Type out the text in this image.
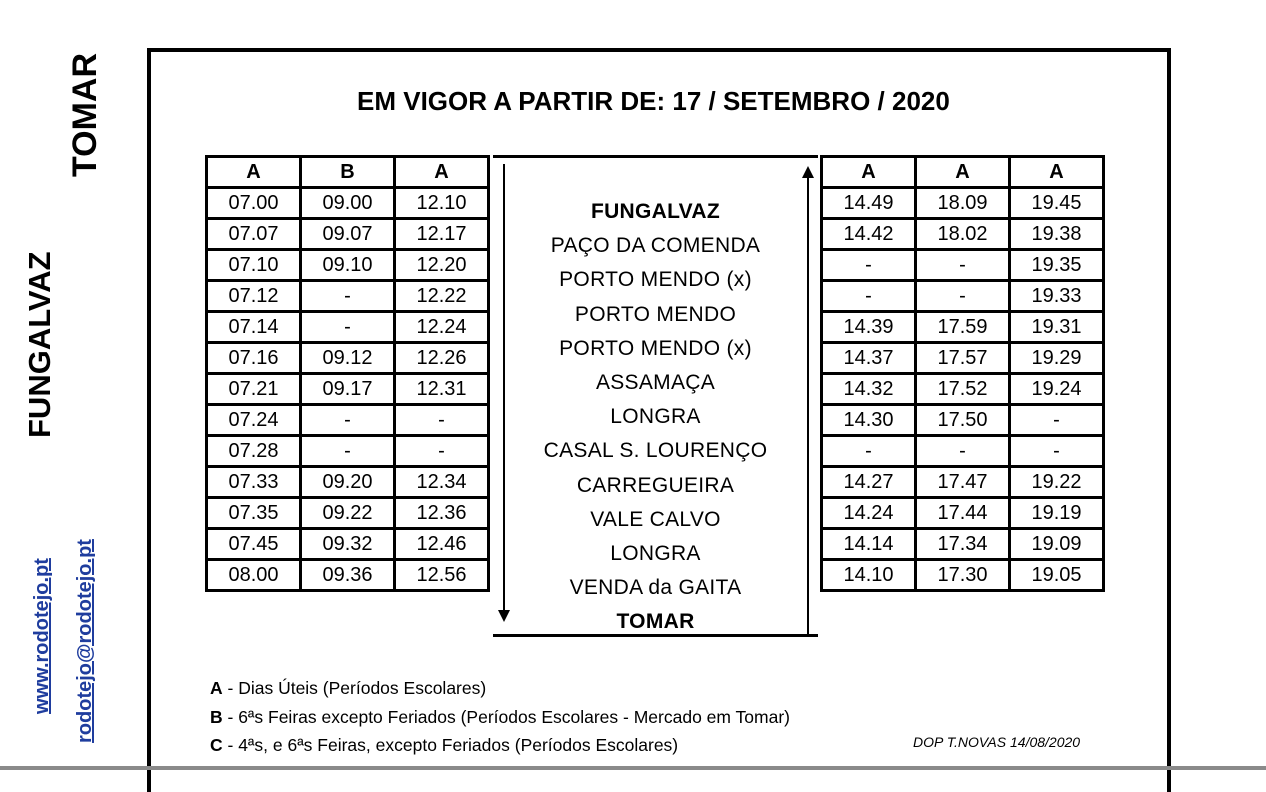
TOMAR
FUNGALVAZ
www.rodotejo.pt rodotejo@rodotejo.pt
EM VIGOR A PARTIR DE: 17 / SETEMBRO / 2020
A	B	A
07.00	09.00	12.10
07.07	09.07	12.17
07.10	09.10	12.20
07.12	-	12.22
07.14	-	12.24
07.16	09.12	12.26
07.21	09.17	12.31
07.24	-	-
07.28	-	-
07.33	09.20	12.34
07.35	09.22	12.36
07.45	09.32	12.46
08.00	09.36	12.56
FUNGALVAZ
PAÇO DA COMENDA
PORTO MENDO (x)
PORTO MENDO
PORTO MENDO (x)
ASSAMAÇA
LONGRA
CASAL S. LOURENÇO
CARREGUEIRA
VALE CALVO
LONGRA
VENDA da GAITA
TOMAR
A	A	A
14.49	18.09	19.45
14.42	18.02	19.38
-	-	19.35
-	-	19.33
14.39	17.59	19.31
14.37	17.57	19.29
14.32	17.52	19.24
14.30	17.50	-
-	-	-
14.27	17.47	19.22
14.24	17.44	19.19
14.14	17.34	19.09
14.10	17.30	19.05
A - Dias Úteis (Períodos Escolares)
B - 6ªs Feiras excepto Feriados (Períodos Escolares - Mercado em Tomar)
C - 4ªs, e 6ªs Feiras, excepto Feriados (Períodos Escolares)	DOP T.NOVAS 14/08/2020
